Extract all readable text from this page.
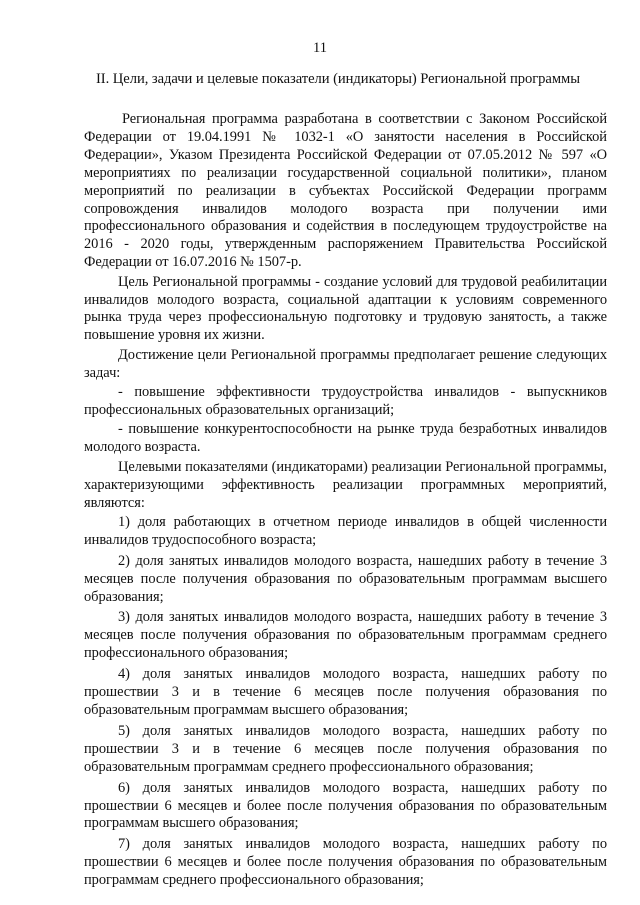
11
II. Цели, задачи и целевые показатели (индикаторы) Региональной программы

Региональная программа разработана в соответствии с Законом Российской Федерации от 19.04.1991 № 1032-1 «О занятости населения в Российской Федерации», Указом Президента Российской Федерации от 07.05.2012 № 597 «О мероприятиях по реализации государственной социальной политики», планом мероприятий по реализации в субъектах Российской Федерации программ сопровождения инвалидов молодого возраста при получении ими профессионального образования и содействия в последующем трудоустройстве на 2016 - 2020 годы, утвержденным распоряжением Правительства Российской Федерации от 16.07.2016 № 1507-р.

Цель Региональной программы - создание условий для трудовой реабилитации инвалидов молодого возраста, социальной адаптации к условиям современного рынка труда через профессиональную подготовку и трудовую занятость, а также повышение уровня их жизни.

Достижение цели Региональной программы предполагает решение следующих задач:

- повышение эффективности трудоустройства инвалидов - выпускников профессиональных образовательных организаций;

- повышение конкурентоспособности на рынке труда безработных инвалидов молодого возраста.

Целевыми показателями (индикаторами) реализации Региональной программы, характеризующими эффективность реализации программных мероприятий, являются:

1) доля работающих в отчетном периоде инвалидов в общей численности инвалидов трудоспособного возраста;

2) доля занятых инвалидов молодого возраста, нашедших работу в течение 3 месяцев после получения образования по образовательным программам высшего образования;

3) доля занятых инвалидов молодого возраста, нашедших работу в течение 3 месяцев после получения образования по образовательным программам среднего профессионального образования;

4) доля занятых инвалидов молодого возраста, нашедших работу по прошествии 3 и в течение 6 месяцев после получения образования по образовательным программам высшего образования;

5) доля занятых инвалидов молодого возраста, нашедших работу по прошествии 3 и в течение 6 месяцев после получения образования по образовательным программам среднего профессионального образования;

6) доля занятых инвалидов молодого возраста, нашедших работу по прошествии 6 месяцев и более после получения образования по образовательным программам высшего образования;

7) доля занятых инвалидов молодого возраста, нашедших работу по прошествии 6 месяцев и более после получения образования по образовательным программам среднего профессионального образования;
